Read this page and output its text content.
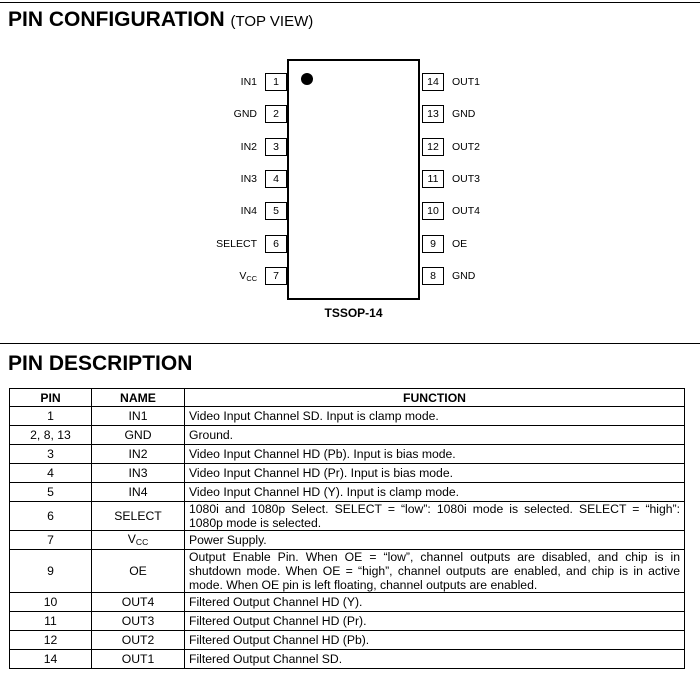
PIN CONFIGURATION (TOP VIEW)
TSSOP-14
1
IN1
2
GND
3
IN2
4
IN3
5
IN4
6
SELECT
7
$V_{CC}$
14	OUT1
13	GND
12	OUT2
11	OUT3
10	OUT4
9	OE
8	GND
PIN DESCRIPTION
PIN	NAME	FUNCTION
1	IN1	Video Input Channel SD. Input is clamp mode.
2, 8, 13	GND	Ground.
3	IN2	Video Input Channel HD (Pb). Input is bias mode.
4	IN3	Video Input Channel HD (Pr). Input is bias mode.
5	IN4	Video Input Channel HD (Y). Input is clamp mode.
6	SELECT	1080i and 1080p Select. SELECT = “low”: 1080i mode is selected. SELECT = “high”: 1080p mode is selected.
7	$V_{CC}$	Power Supply.
9	OE	Output Enable Pin. When OE = “low”, channel outputs are disabled, and chip is in shutdown mode. When OE = “high”, channel outputs are enabled, and chip is in active mode. When OE pin is left floating, channel outputs are enabled.
10	OUT4	Filtered Output Channel HD (Y).
11	OUT3	Filtered Output Channel HD (Pr).
12	OUT2	Filtered Output Channel HD (Pb).
14	OUT1	Filtered Output Channel SD.
